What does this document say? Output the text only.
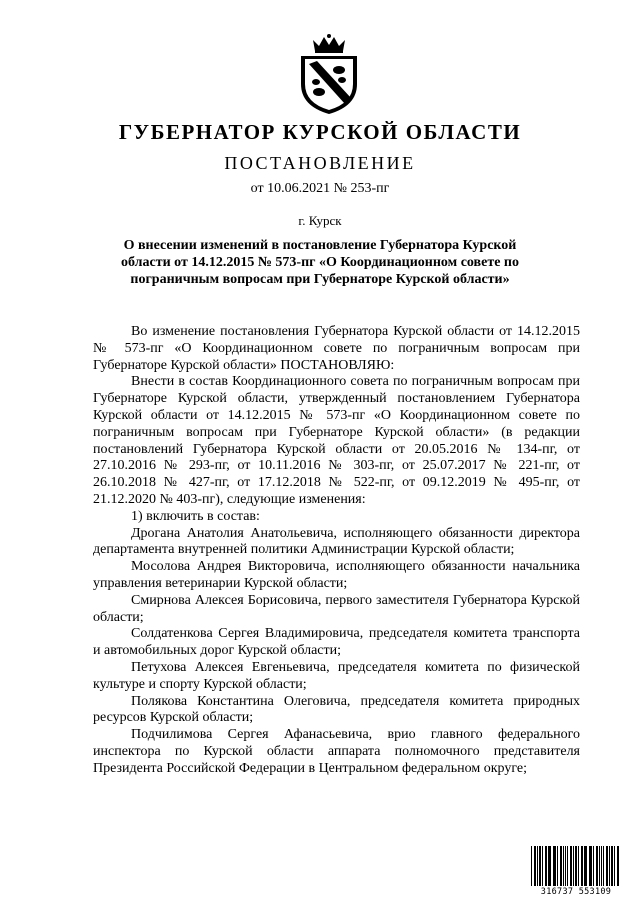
ГУБЕРНАТОР КУРСКОЙ ОБЛАСТИ
ПОСТАНОВЛЕНИЕ
от 10.06.2021 № 253-пг
г. Курск
О внесении изменений в постановление Губернатора Курской области от 14.12.2015 № 573-пг «О Координационном совете по пограничным вопросам при Губернаторе Курской области»

Во изменение постановления Губернатора Курской области от 14.12.2015 № 573-пг «О Координационном совете по пограничным вопросам при Губернаторе Курской области» ПОСТАНОВЛЯЮ:

Внести в состав Координационного совета по пограничным вопросам при Губернаторе Курской области, утвержденный постановлением Губернатора Курской области от 14.12.2015 № 573-пг «О Координационном совете по пограничным вопросам при Губернаторе Курской области» (в редакции постановлений Губернатора Курской области от 20.05.2016 № 134-пг, от 27.10.2016 № 293-пг, от 10.11.2016 № 303-пг, от 25.07.2017 № 221-пг, от 26.10.2018 № 427-пг, от 17.12.2018 № 522-пг, от 09.12.2019 № 495-пг, от 21.12.2020 № 403-пг), следующие изменения:

1) включить в состав:

Дрогана Анатолия Анатольевича, исполняющего обязанности директора департамента внутренней политики Администрации Курской области;

Мосолова Андрея Викторовича, исполняющего обязанности начальника управления ветеринарии Курской области;

Смирнова Алексея Борисовича, первого заместителя Губернатора Курской области;

Солдатенкова Сергея Владимировича, председателя комитета транспорта и автомобильных дорог Курской области;

Петухова Алексея Евгеньевича, председателя комитета по физической культуре и спорту Курской области;

Полякова Константина Олеговича, председателя комитета природных ресурсов Курской области;

Подчилимова Сергея Афанасьевича, врио главного федерального инспектора по Курской области аппарата полномочного представителя Президента Российской Федерации в Центральном федеральном округе;

316737 553109
